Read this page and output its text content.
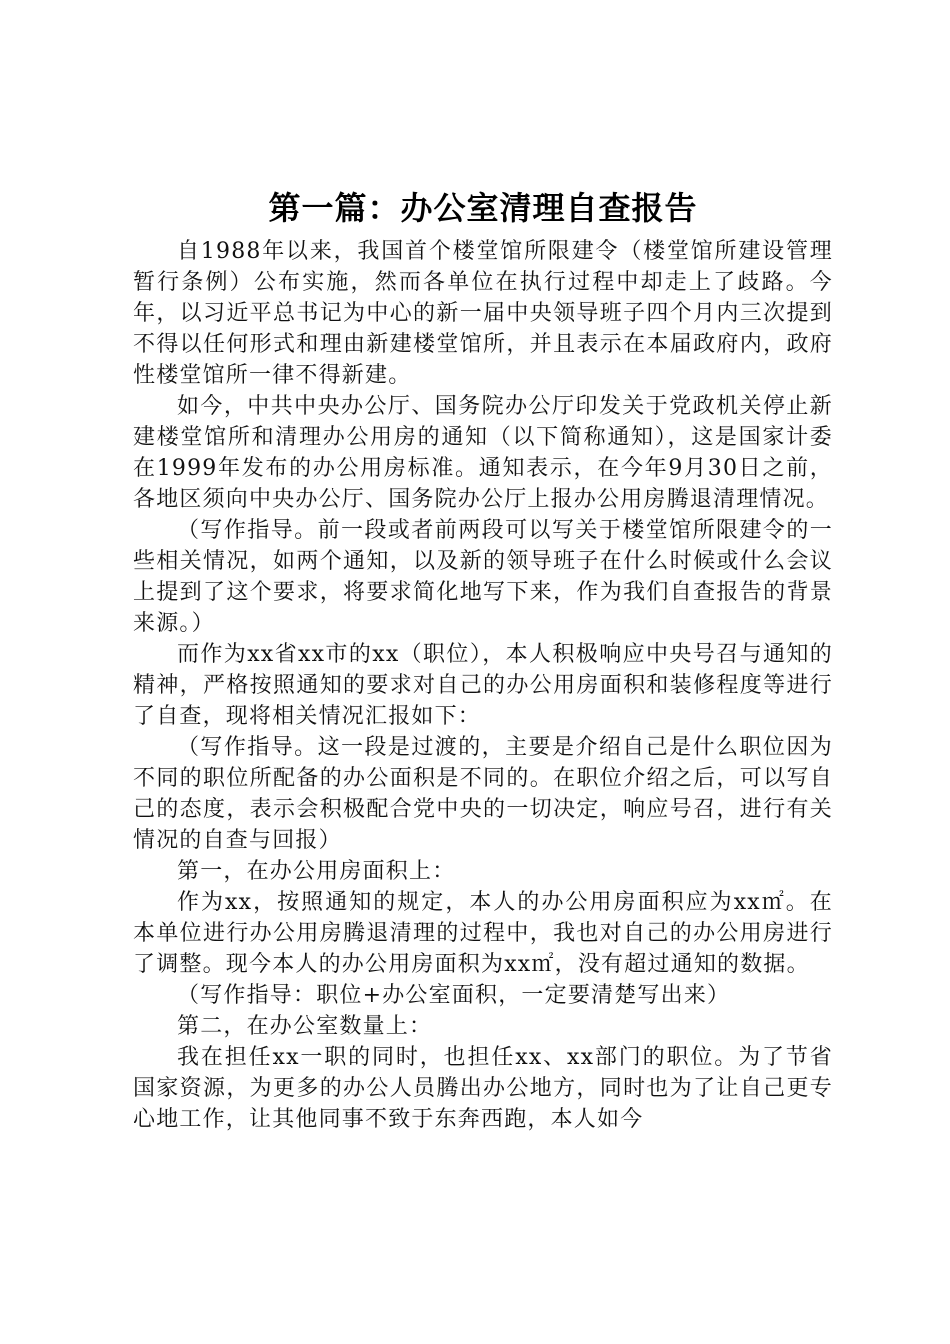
第一篇：办公室清理自查报告

自1988年以来，我国首个楼堂馆所限建令（楼堂馆所建设管理暂行条例）公布实施，然而各单位在执行过程中却走上了歧路。今年，以习近平总书记为中心的新一届中央领导班子四个月内三次提到不得以任何形式和理由新建楼堂馆所，并且表示在本届政府内，政府性楼堂馆所一律不得新建。

如今，中共中央办公厅、国务院办公厅印发关于党政机关停止新建楼堂馆所和清理办公用房的通知（以下简称通知），这是国家计委在1999年发布的办公用房标准。通知表示，在今年9月30日之前，各地区须向中央办公厅、国务院办公厅上报办公用房腾退清理情况。

（写作指导。前一段或者前两段可以写关于楼堂馆所限建令的一些相关情况，如两个通知，以及新的领导班子在什么时候或什么会议上提到了这个要求，将要求简化地写下来，作为我们自查报告的背景来源。）

而作为xx省xx市的xx（职位），本人积极响应中央号召与通知的精神，严格按照通知的要求对自己的办公用房面积和装修程度等进行了自查，现将相关情况汇报如下：

（写作指导。这一段是过渡的，主要是介绍自己是什么职位因为不同的职位所配备的办公面积是不同的。在职位介绍之后，可以写自己的态度，表示会积极配合党中央的一切决定，响应号召，进行有关情况的自查与回报）

第一，在办公用房面积上：

作为xx，按照通知的规定，本人的办公用房面积应为xx㎡。在本单位进行办公用房腾退清理的过程中，我也对自己的办公用房进行了调整。现今本人的办公用房面积为xx㎡，没有超过通知的数据。

（写作指导：职位+办公室面积，一定要清楚写出来）

第二，在办公室数量上：

我在担任xx一职的同时，也担任xx、xx部门的职位。为了节省国家资源，为更多的办公人员腾出办公地方，同时也为了让自己更专心地工作，让其他同事不致于东奔西跑，本人如今
